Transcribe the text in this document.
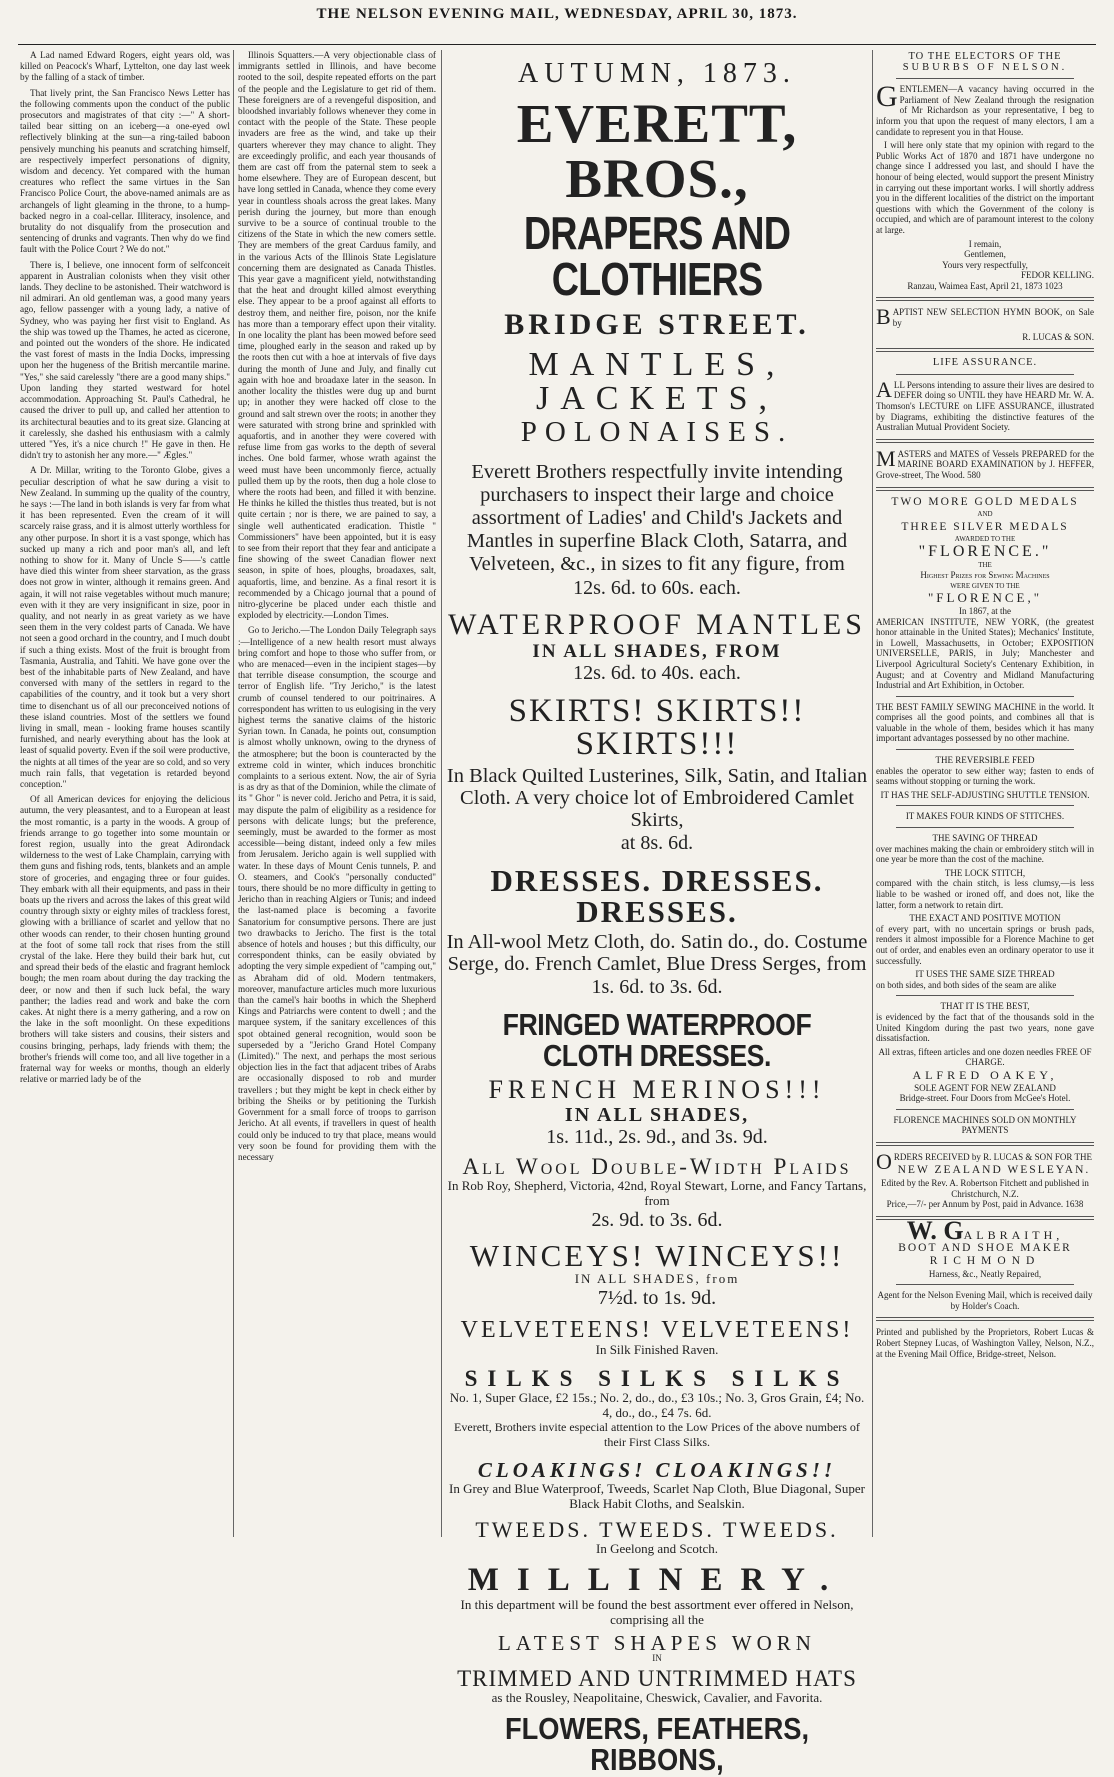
THE NELSON EVENING MAIL, WEDNESDAY, APRIL 30, 1873.

A Lad named Edward Rogers, eight years old, was killed on Peacock's Wharf, Lyttelton, one day last week by the falling of a stack of timber.

That lively print, the San Francisco News Letter has the following comments upon the conduct of the public prosecutors and magistrates of that city :—" A short-tailed bear sitting on an iceberg—a one-eyed owl reflectively blinking at the sun—a ring-tailed baboon pensively munching his peanuts and scratching himself, are respectively imperfect personations of dignity, wisdom and decency. Yet compared with the human creatures who reflect the same virtues in the San Francisco Police Court, the above-named animals are as archangels of light gleaming in the throne, to a hump-backed negro in a coal-cellar. Illiteracy, insolence, and brutality do not disqualify from the prosecution and sentencing of drunks and vagrants. Then why do we find fault with the Police Court ? We do not."

There is, I believe, one innocent form of selfconceit apparent in Australian colonists when they visit other lands. They decline to be astonished. Their watchword is nil admirari. An old gentleman was, a good many years ago, fellow passenger with a young lady, a native of Sydney, who was paying her first visit to England. As the ship was towed up the Thames, he acted as cicerone, and pointed out the wonders of the shore. He indicated the vast forest of masts in the India Docks, impressing upon her the hugeness of the British mercantile marine. "Yes," she said carelessly "there are a good many ships." Upon landing they started westward for hotel accommodation. Approaching St. Paul's Cathedral, he caused the driver to pull up, and called her attention to its architectural beauties and to its great size. Glancing at it carelessly, she dashed his enthusiasm with a calmly uttered "Yes, it's a nice church !" He gave in then. He didn't try to astonish her any more.—" Ægles."

A Dr. Millar, writing to the Toronto Globe, gives a peculiar description of what he saw during a visit to New Zealand. In summing up the quality of the country, he says :—The land in both islands is very far from what it has been represented. Even the cream of it will scarcely raise grass, and it is almost utterly worthless for any other purpose. In short it is a vast sponge, which has sucked up many a rich and poor man's all, and left nothing to show for it. Many of Uncle S——'s cattle have died this winter from sheer starvation, as the grass does not grow in winter, although it remains green. And again, it will not raise vegetables without much manure; even with it they are very insignificant in size, poor in quality, and not nearly in as great variety as we have seen them in the very coldest parts of Canada. We have not seen a good orchard in the country, and I much doubt if such a thing exists. Most of the fruit is brought from Tasmania, Australia, and Tahiti. We have gone over the best of the inhabitable parts of New Zealand, and have conversed with many of the settlers in regard to the capabilities of the country, and it took but a very short time to disenchant us of all our preconceived notions of these island countries. Most of the settlers we found living in small, mean - looking frame houses scantily furnished, and nearly everything about has the look at least of squalid poverty. Even if the soil were productive, the nights at all times of the year are so cold, and so very much rain falls, that vegetation is retarded beyond conception."

Of all American devices for enjoying the delicious autumn, the very pleasantest, and to a European at least the most romantic, is a party in the woods. A group of friends arrange to go together into some mountain or forest region, usually into the great Adirondack wilderness to the west of Lake Champlain, carrying with them guns and fishing rods, tents, blankets and an ample store of groceries, and engaging three or four guides. They embark with all their equipments, and pass in their boats up the rivers and across the lakes of this great wild country through sixty or eighty miles of trackless forest, glowing with a brilliance of scarlet and yellow that no other woods can render, to their chosen hunting ground at the foot of some tall rock that rises from the still crystal of the lake. Here they build their bark hut, cut and spread their beds of the elastic and fragrant hemlock bough; the men roam about during the day tracking the deer, or now and then if such luck befal, the wary panther; the ladies read and work and bake the corn cakes. At night there is a merry gathering, and a row on the lake in the soft moonlight. On these expeditions brothers will take sisters and cousins, their sisters and cousins bringing, perhaps, lady friends with them; the brother's friends will come too, and all live together in a fraternal way for weeks or months, though an elderly relative or married lady be of the

Illinois Squatters.—A very objectionable class of immigrants settled in Illinois, and have become rooted to the soil, despite repeated efforts on the part of the people and the Legislature to get rid of them. These foreigners are of a revengeful disposition, and bloodshed invariably follows whenever they come in contact with the people of the State. These people invaders are free as the wind, and take up their quarters wherever they may chance to alight. They are exceedingly prolific, and each year thousands of them are cast off from the paternal stem to seek a home elsewhere. They are of European descent, but have long settled in Canada, whence they come every year in countless shoals across the great lakes. Many perish during the journey, but more than enough survive to be a source of continual trouble to the citizens of the State in which the new comers settle. They are members of the great Carduus family, and in the various Acts of the Illinois State Legislature concerning them are designated as Canada Thistles. This year gave a magnificent yield, notwithstanding that the heat and drought killed almost everything else. They appear to be a proof against all efforts to destroy them, and neither fire, poison, nor the knife has more than a temporary effect upon their vitality. In one locality the plant has been mowed before seed time, ploughed early in the season and raked up by the roots then cut with a hoe at intervals of five days during the month of June and July, and finally cut again with hoe and broadaxe later in the season. In another locality the thistles were dug up and burnt up; in another they were hacked off close to the ground and salt strewn over the roots; in another they were saturated with strong brine and sprinkled with aquafortis, and in another they were covered with refuse lime from gas works to the depth of several inches. One bold farmer, whose wrath against the weed must have been uncommonly fierce, actually pulled them up by the roots, then dug a hole close to where the roots had been, and filled it with benzine. He thinks he killed the thistles thus treated, but is not quite certain ; nor is there, we are pained to say, a single well authenticated eradication. Thistle " Commissioners" have been appointed, but it is easy to see from their report that they fear and anticipate a fine showing of the sweet Canadian flower next season, in spite of hoes, ploughs, broadaxes, salt, aquafortis, lime, and benzine. As a final resort it is recommended by a Chicago journal that a pound of nitro-glycerine be placed under each thistle and exploded by electricity.—London Times.

Go to Jericho.—The London Daily Telegraph says :—Intelligence of a new health resort must always bring comfort and hope to those who suffer from, or who are menaced—even in the incipient stages—by that terrible disease consumption, the scourge and terror of English life. "Try Jericho," is the latest crumb of counsel tendered to our poitrinaires. A correspondent has written to us eulogising in the very highest terms the sanative claims of the historic Syrian town. In Canada, he points out, consumption is almost wholly unknown, owing to the dryness of the atmosphere; but the boon is counteracted by the extreme cold in winter, which induces bronchitic complaints to a serious extent. Now, the air of Syria is as dry as that of the Dominion, while the climate of its " Ghor " is never cold. Jericho and Petra, it is said, may dispute the palm of eligibility as a residence for persons with delicate lungs; but the preference, seemingly, must be awarded to the former as most accessible—being distant, indeed only a few miles from Jerusalem. Jericho again is well supplied with water. In these days of Mount Cenis tunnels, P. and O. steamers, and Cook's "personally conducted" tours, there should be no more difficulty in getting to Jericho than in reaching Algiers or Tunis; and indeed the last-named place is becoming a favorite Sanatorium for consumptive persons. There are just two drawbacks to Jericho. The first is the total absence of hotels and houses ; but this difficulty, our correspondent thinks, can be easily obviated by adopting the very simple expedient of "camping out," as Abraham did of old. Modern tentmakers, moreover, manufacture articles much more luxurious than the camel's hair booths in which the Shepherd Kings and Patriarchs were content to dwell ; and the marquee system, if the sanitary excellences of this spot obtained general recognition, would soon be superseded by a "Jericho Grand Hotel Company (Limited)." The next, and perhaps the most serious objection lies in the fact that adjacent tribes of Arabs are occasionally disposed to rob and murder travellers ; but they might be kept in check either by bribing the Sheiks or by petitioning the Turkish Government for a small force of troops to garrison Jericho. At all events, if travellers in quest of health could only be induced to try that place, means would very soon be found for providing them with the necessary

AUTUMN, 1873.
EVERETT, BROS.,
DRAPERS AND CLOTHIERS
BRIDGE STREET.
MANTLES, JACKETS,
POLONAISES.
Everett Brothers respectfully invite intending purchasers to inspect their large and choice assortment of Ladies' and Child's Jackets and Mantles in superfine Black Cloth, Satarra, and Velveteen, &c., in sizes to fit any figure, from
12s. 6d. to 60s. each.
WATERPROOF MANTLES
IN ALL SHADES, FROM
12s. 6d. to 40s. each.
SKIRTS! SKIRTS!! SKIRTS!!!
In Black Quilted Lusterines, Silk, Satin, and Italian Cloth. A very choice lot of Embroidered Camlet Skirts,
at 8s. 6d.
DRESSES. DRESSES. DRESSES.
In All-wool Metz Cloth, do. Satin do., do. Costume Serge, do. French Camlet, Blue Dress Serges, from
1s. 6d. to 3s. 6d.
FRINGED WATERPROOF CLOTH DRESSES.
FRENCH MERINOS!!!
IN ALL SHADES,
1s. 11d., 2s. 9d., and 3s. 9d.
All Wool Double-Width Plaids
In Rob Roy, Shepherd, Victoria, 42nd, Royal Stewart, Lorne, and Fancy Tartans, from
2s. 9d. to 3s. 6d.
WINCEYS! WINCEYS!!
IN ALL SHADES, from
7½d. to 1s. 9d.
VELVETEENS! VELVETEENS!
In Silk Finished Raven.
SILKS SILKS SILKS
No. 1, Super Glace, £2 15s.; No. 2, do., do., £3 10s.; No. 3, Gros Grain, £4; No. 4, do., do., £4 7s. 6d.
Everett, Brothers invite especial attention to the Low Prices of the above numbers of their First Class Silks.
CLOAKINGS! CLOAKINGS!!
In Grey and Blue Waterproof, Tweeds, Scarlet Nap Cloth, Blue Diagonal, Super Black Habit Cloths, and Sealskin.
TWEEDS. TWEEDS. TWEEDS.
In Geelong and Scotch.
MILLINERY.
In this department will be found the best assortment ever offered in Nelson, comprising all the
LATEST SHAPES WORN
IN
TRIMMED AND UNTRIMMED HATS
as the Rousley, Neapolitaine, Cheswick, Cavalier, and Favorita.
FLOWERS, FEATHERS, RIBBONS,
TO THE ELECTORS OF THE
SUBURBS OF NELSON.
GENTLEMEN—A vacancy having occurred in the Parliament of New Zealand through the resignation of Mr Richardson as your representative, I beg to inform you that upon the request of many electors, I am a candidate to represent you in that House.
I will here only state that my opinion with regard to the Public Works Act of 1870 and 1871 have undergone no change since I addressed you last, and should I have the honour of being elected, would support the present Ministry in carrying out these important works. I will shortly address you in the different localities of the district on the important questions with which the Government of the colony is occupied, and which are of paramount interest to the colony at large.
I remain,
Gentlemen,
Yours very respectfully,
FEDOR KELLING.
Ranzau, Waimea East, April 21, 1873 1023
BAPTIST NEW SELECTION HYMN BOOK, on Sale by
R. LUCAS & SON.
LIFE ASSURANCE.
ALL Persons intending to assure their lives are desired to DEFER doing so UNTIL they have HEARD Mr. W. A. Thomson's LECTURE on LIFE ASSURANCE, illustrated by Diagrams, exhibiting the distinctive features of the Australian Mutual Provident Society.
MASTERS and MATES of Vessels PREPARED for the MARINE BOARD EXAMINATION by J. HEFFER, Grove-street, The Wood. 580
TWO MORE GOLD MEDALS
AND
THREE SILVER MEDALS
AWARDED TO THE
"FLORENCE."
THE
Highest Prizes for Sewing Machines
WERE GIVEN TO THE
"FLORENCE,"
In 1867, at the
AMERICAN INSTITUTE, NEW YORK, (the greatest honor attainable in the United States); Mechanics' Institute, in Lowell, Massachusetts, in October; EXPOSITION UNIVERSELLE, PARIS, in July; Manchester and Liverpool Agricultural Society's Centenary Exhibition, in August; and at Coventry and Midland Manufacturing Industrial and Art Exhibition, in October.
THE BEST FAMILY SEWING MACHINE in the world. It comprises all the good points, and combines all that is valuable in the whole of them, besides which it has many important advantages possessed by no other machine.
THE REVERSIBLE FEED
enables the operator to sew either way; fasten to ends of seams without stopping or turning the work.
IT HAS THE SELF-ADJUSTING SHUTTLE TENSION.
IT MAKES FOUR KINDS OF STITCHES.
THE SAVING OF THREAD
over machines making the chain or embroidery stitch will in one year be more than the cost of the machine.
THE LOCK STITCH,
compared with the chain stitch, is less clumsy,—is less liable to be washed or ironed off, and does not, like the latter, form a network to retain dirt.
THE EXACT AND POSITIVE MOTION
of every part, with no uncertain springs or brush pads, renders it almost impossible for a Florence Machine to get out of order, and enables even an ordinary operator to use it successfully.
IT USES THE SAME SIZE THREAD
on both sides, and both sides of the seam are alike
THAT IT IS THE BEST,
is evidenced by the fact that of the thousands sold in the United Kingdom during the past two years, none gave dissatisfaction.
All extras, fifteen articles and one dozen needles FREE OF CHARGE.
ALFRED OAKEY,
SOLE AGENT FOR NEW ZEALAND
Bridge-street. Four Doors from McGee's Hotel.
FLORENCE MACHINES SOLD ON MONTHLY PAYMENTS
ORDERS RECEIVED by R. LUCAS & SON FOR THE
NEW ZEALAND WESLEYAN.
Edited by the Rev. A. Robertson Fitchett and published in Christchurch, N.Z.
Price,—7/- per Annum by Post, paid in Advance. 1638
W. GALBRAITH,
BOOT AND SHOE MAKER
RICHMOND
Harness, &c., Neatly Repaired,
Agent for the Nelson Evening Mail, which is received daily by Holder's Coach.
Printed and published by the Proprietors, Robert Lucas & Robert Stepney Lucas, of Washington Valley, Nelson, N.Z., at the Evening Mail Office, Bridge-street, Nelson.
